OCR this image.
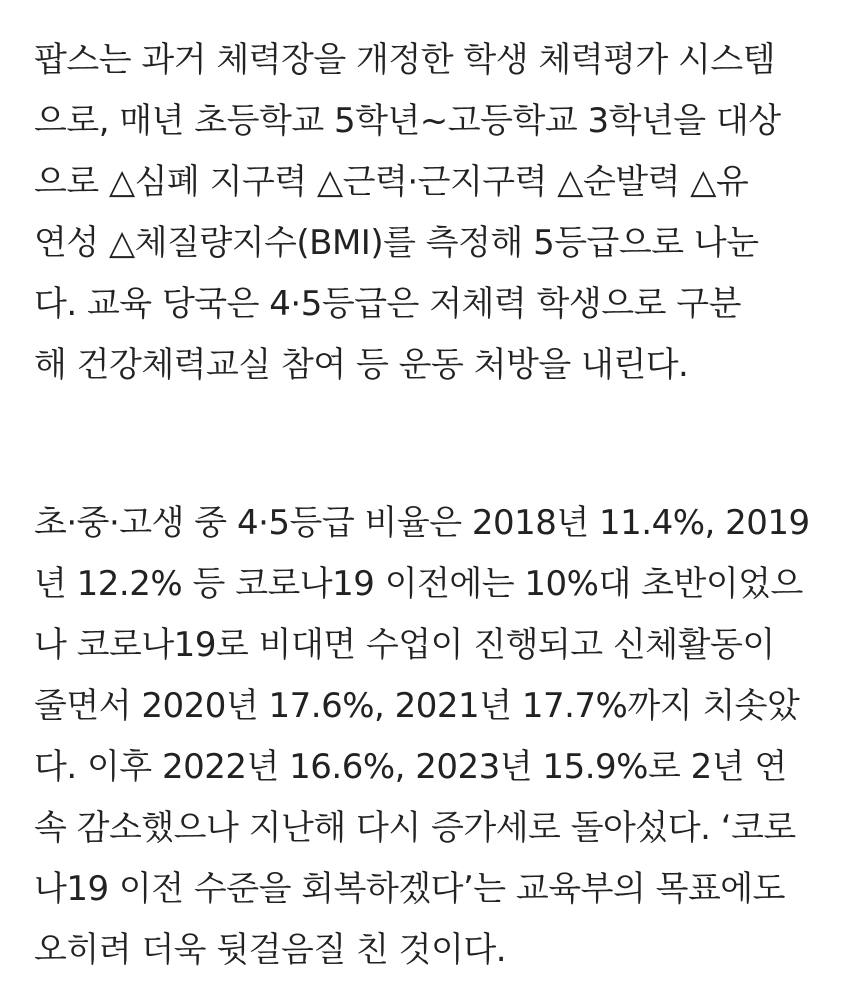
팝스는 과거 체력장을 개정한 학생 체력평가 시스템
으로, 매년 초등학교 5학년~고등학교 3학년을 대상
으로 △심폐 지구력 △근력·근지구력 △순발력 △유
연성 △체질량지수(BMI)를 측정해 5등급으로 나눈
다. 교육 당국은 4·5등급은 저체력 학생으로 구분
해 건강체력교실 참여 등 운동 처방을 내린다.

초·중·고생 중 4·5등급 비율은 2018년 11.4%, 2019
년 12.2% 등 코로나19 이전에는 10%대 초반이었으
나 코로나19로 비대면 수업이 진행되고 신체활동이
줄면서 2020년 17.6%, 2021년 17.7%까지 치솟았
다. 이후 2022년 16.6%, 2023년 15.9%로 2년 연
속 감소했으나 지난해 다시 증가세로 돌아섰다. ‘코로
나19 이전 수준을 회복하겠다’는 교육부의 목표에도
오히려 더욱 뒷걸음질 친 것이다.
